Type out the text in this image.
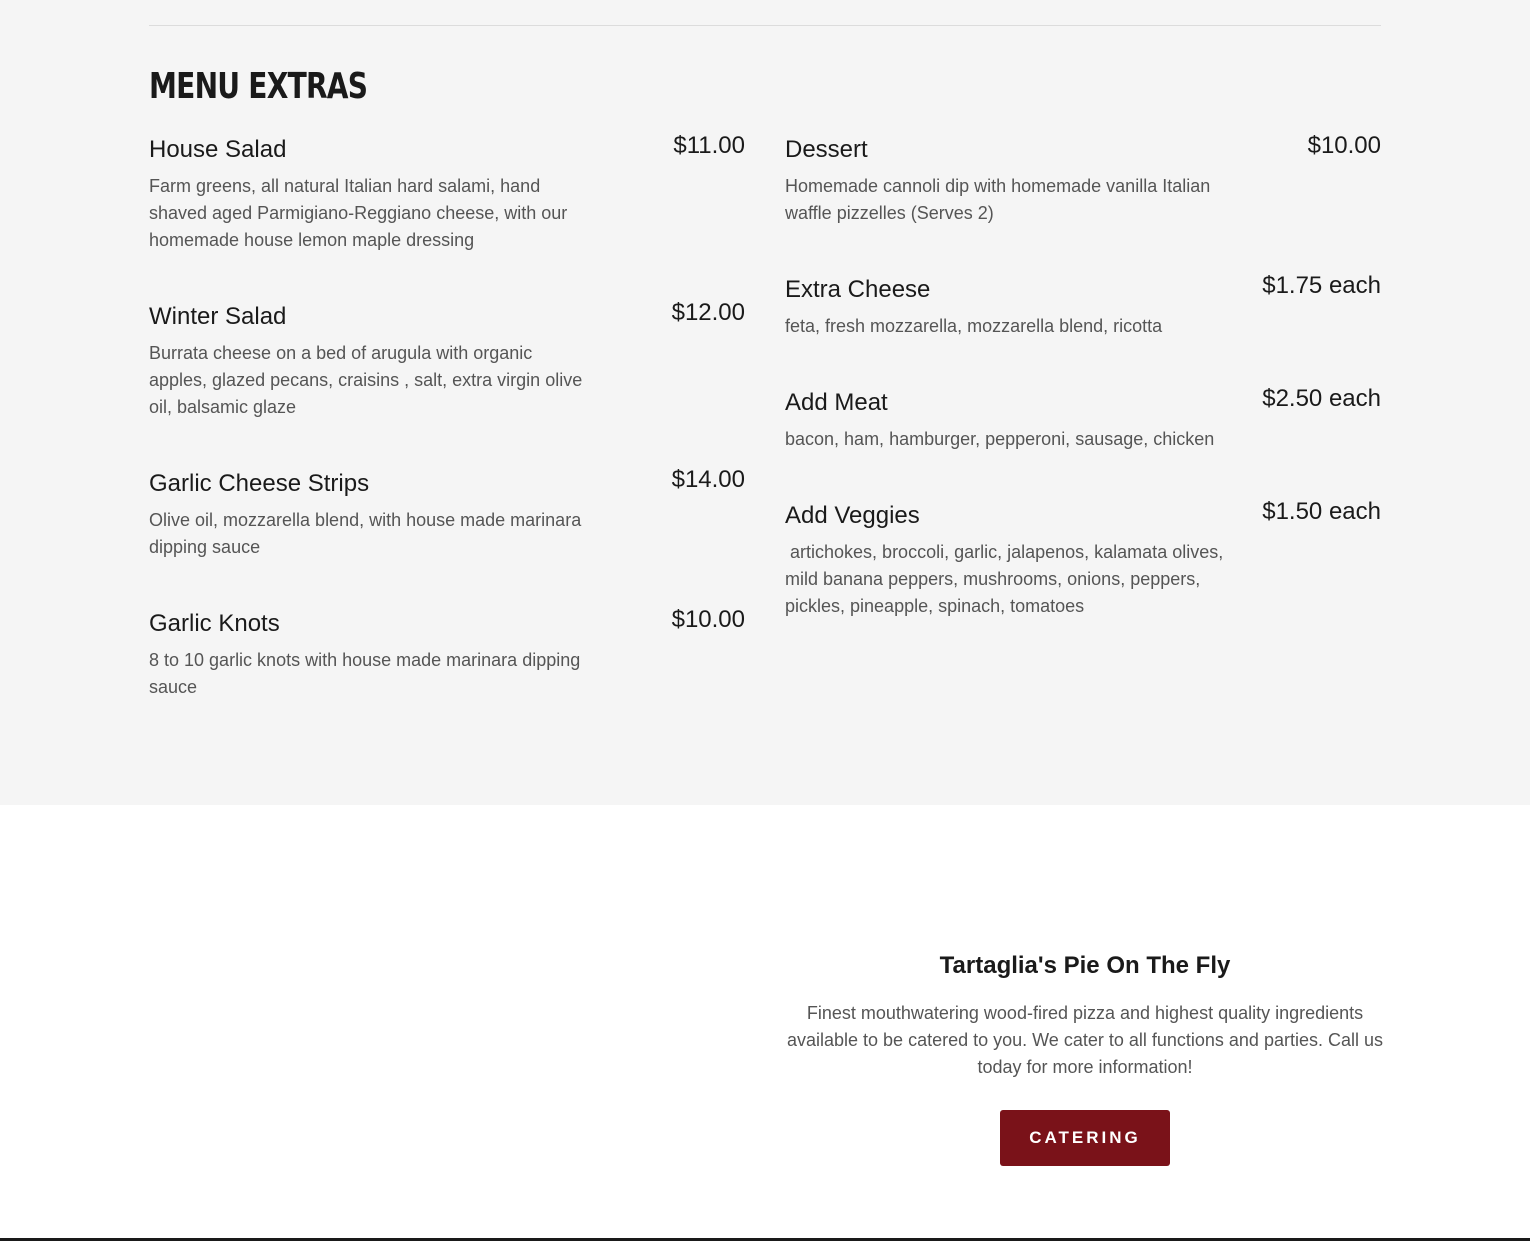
MENU EXTRAS
House Salad	$11.00
Farm greens, all natural Italian hard salami, hand shaved aged Parmigiano-Reggiano cheese, with our homemade house lemon maple dressing
Winter Salad	$12.00
Burrata cheese on a bed of arugula with organic apples, glazed pecans, craisins , salt, extra virgin olive oil, balsamic glaze
Garlic Cheese Strips	$14.00
Olive oil, mozzarella blend, with house made marinara dipping sauce
Garlic Knots	$10.00
8 to 10 garlic knots with house made marinara dipping sauce
Dessert	$10.00
Homemade cannoli dip with homemade vanilla Italian waffle pizzelles (Serves 2)
Extra Cheese	$1.75 each
feta, fresh mozzarella, mozzarella blend, ricotta
Add Meat	$2.50 each
bacon, ham, hamburger, pepperoni, sausage, chicken
Add Veggies	$1.50 each
artichokes, broccoli, garlic, jalapenos, kalamata olives, mild banana peppers, mushrooms, onions, peppers, pickles, pineapple, spinach, tomatoes
Tartaglia's Pie On The Fly

Finest mouthwatering wood-fired pizza and highest quality ingredients available to be catered to you. We cater to all functions and parties. Call us today for more information!

CATERING
